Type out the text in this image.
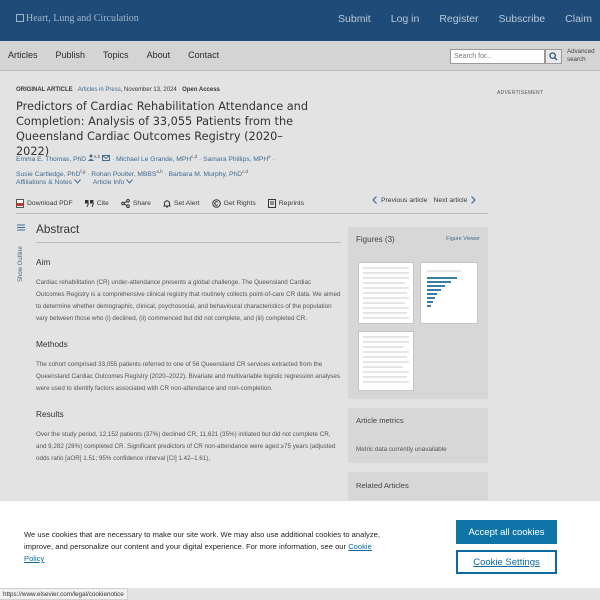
Heart, Lung and Circulation	Submit Log in Register Subscribe Claim
Articles Publish Topics About Contact	Search for...
Advanced search
ORIGINAL ARTICLE · Articles in Press, November 13, 2024 · Open Access	ADVERTISEMENT
Predictors of Cardiac Rehabilitation Attendance and Completion: Analysis of 33,055 Patients from the Queensland Cardiac Outcomes Registry (2020–2022)
Emma E. Thomas, PhD $^{a,b}$ · Michael Le Grande, MPH$^{c,d}$ · Samara Phillips, $MPH^e$ ·
Susie Cartledge, PhD$^{f,g}$ · Rohan Poulter, MBBS$^{a,h}$ · Barbara M. Murphy, PhD$^{c,d}$
Affiliations & Notes	Article Info
Download PDF	Cite	Share	Set Alert	Get Rights	Reprints	Previous article Next article
Show Outline
Abstract
Aim

Cardiac rehabilitation (CR) under-attendance presents a global challenge. The Queensland Cardiac Outcomes Registry is a comprehensive clinical registry that routinely collects point-of-care CR data. We aimed to determine whether demographic, clinical, psychosocial, and behavioural characteristics of the population vary between those who (i) declined, (ii) commenced but did not complete, and (iii) completed CR.

Methods

The cohort comprised 33,055 patients referred to one of 56 Queensland CR services extracted from the Queensland Cardiac Outcomes Registry (2020–2022). Bivariate and multivariable logistic regression analyses were used to identify factors associated with CR non-attendance and non-completion.

Results

Over the study period, 12,152 patients (37%) declined CR, 11,621 (35%) initiated but did not complete CR, and 9,282 (28%) completed CR. Significant predictors of CR non-attendance were aged ≥75 years (adjusted odds ratio [aOR] 1.51; 95% confidence interval [CI] 1.42–1.61),

Figures (3)	Figure Viewer
Article metrics
Metric data currently unavailable
Related Articles
We use cookies that are necessary to make our site work. We may also use additional cookies to analyze, improve, and personalize our content and your digital experience. For more information, see our Cookie Policy
Accept all cookies
Cookie Settings
https://www.elsevier.com/legal/cookienotice
